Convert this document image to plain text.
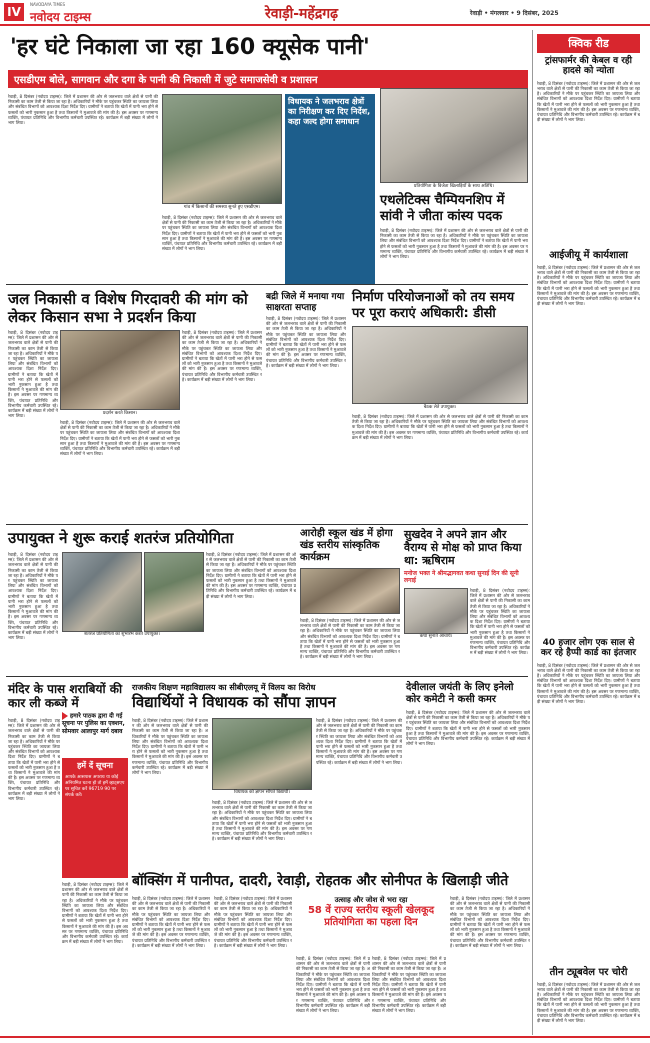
IV
NAVODAYA TIMES
नवोदय टाइम्स	रेवाड़ी-महेंद्रगढ़	रेवाड़ी • मंगलवार • 9 दिसंबर, 2025
'हर घंटे निकाला जा रहा 160 क्यूसेक पानी'
एसडीएम बोले, सागवान और दगा के पानी की निकासी में जुटे समाजसेवी व प्रशासन
रेवाड़ी, 8 दिसंबर (नवोदय टाइम्स): जिले में प्रशासन की ओर से जलभराव वाले क्षेत्रों से पानी की निकासी का काम तेजी से किया जा रहा है। अधिकारियों ने मौके पर पहुंचकर स्थिति का जायजा लिया और संबंधित विभागों को आवश्यक दिशा निर्देश दिए। ग्रामीणों ने बताया कि खेतों में पानी भरा होने से फसलों को भारी नुकसान हुआ है तथा किसानों ने मुआवजे की मांग की है। इस अवसर पर गणमान्य व्यक्ति, पंचायत प्रतिनिधि और विभागीय कर्मचारी उपस्थित रहे। कार्यक्रम में बड़ी संख्या में लोगों ने भाग लिया।
गांव में किसानों की समस्या सुनते हुए एसडीएम।
विधायक ने जलभराव क्षेत्रों का निरीक्षण कर दिए निर्देश, कहा जल्द होगा समाधान
रेवाड़ी, 8 दिसंबर (नवोदय टाइम्स): जिले में प्रशासन की ओर से जलभराव वाले क्षेत्रों से पानी की निकासी का काम तेजी से किया जा रहा है। अधिकारियों ने मौके पर पहुंचकर स्थिति का जायजा लिया और संबंधित विभागों को आवश्यक दिशा निर्देश दिए। ग्रामीणों ने बताया कि खेतों में पानी भरा होने से फसलों को भारी नुकसान हुआ है तथा किसानों ने मुआवजे की मांग की है। इस अवसर पर गणमान्य व्यक्ति, पंचायत प्रतिनिधि और विभागीय कर्मचारी उपस्थित रहे। कार्यक्रम में बड़ी संख्या में लोगों ने भाग लिया।
प्रतियोगिता के विजेता खिलाड़ियों के साथ अतिथि।
एथलेटिक्स चैम्पियनशिप में सांवी ने जीता कांस्य पदक
रेवाड़ी, 8 दिसंबर (नवोदय टाइम्स): जिले में प्रशासन की ओर से जलभराव वाले क्षेत्रों से पानी की निकासी का काम तेजी से किया जा रहा है। अधिकारियों ने मौके पर पहुंचकर स्थिति का जायजा लिया और संबंधित विभागों को आवश्यक दिशा निर्देश दिए। ग्रामीणों ने बताया कि खेतों में पानी भरा होने से फसलों को भारी नुकसान हुआ है तथा किसानों ने मुआवजे की मांग की है। इस अवसर पर गणमान्य व्यक्ति, पंचायत प्रतिनिधि और विभागीय कर्मचारी उपस्थित रहे। कार्यक्रम में बड़ी संख्या में लोगों ने भाग लिया।
क्विक रीड
ट्रांसफार्मर की केबल व रही हादसे को न्योता
रेवाड़ी, 8 दिसंबर (नवोदय टाइम्स): जिले में प्रशासन की ओर से जलभराव वाले क्षेत्रों से पानी की निकासी का काम तेजी से किया जा रहा है। अधिकारियों ने मौके पर पहुंचकर स्थिति का जायजा लिया और संबंधित विभागों को आवश्यक दिशा निर्देश दिए। ग्रामीणों ने बताया कि खेतों में पानी भरा होने से फसलों को भारी नुकसान हुआ है तथा किसानों ने मुआवजे की मांग की है। इस अवसर पर गणमान्य व्यक्ति, पंचायत प्रतिनिधि और विभागीय कर्मचारी उपस्थित रहे। कार्यक्रम में बड़ी संख्या में लोगों ने भाग लिया।
आईजीयू में कार्यशाला
रेवाड़ी, 8 दिसंबर (नवोदय टाइम्स): जिले में प्रशासन की ओर से जलभराव वाले क्षेत्रों से पानी की निकासी का काम तेजी से किया जा रहा है। अधिकारियों ने मौके पर पहुंचकर स्थिति का जायजा लिया और संबंधित विभागों को आवश्यक दिशा निर्देश दिए। ग्रामीणों ने बताया कि खेतों में पानी भरा होने से फसलों को भारी नुकसान हुआ है तथा किसानों ने मुआवजे की मांग की है। इस अवसर पर गणमान्य व्यक्ति, पंचायत प्रतिनिधि और विभागीय कर्मचारी उपस्थित रहे। कार्यक्रम में बड़ी संख्या में लोगों ने भाग लिया।
40 हजार लोग एक साल से कर रहे हैप्पी कार्ड का इंतजार
रेवाड़ी, 8 दिसंबर (नवोदय टाइम्स): जिले में प्रशासन की ओर से जलभराव वाले क्षेत्रों से पानी की निकासी का काम तेजी से किया जा रहा है। अधिकारियों ने मौके पर पहुंचकर स्थिति का जायजा लिया और संबंधित विभागों को आवश्यक दिशा निर्देश दिए। ग्रामीणों ने बताया कि खेतों में पानी भरा होने से फसलों को भारी नुकसान हुआ है तथा किसानों ने मुआवजे की मांग की है। इस अवसर पर गणमान्य व्यक्ति, पंचायत प्रतिनिधि और विभागीय कर्मचारी उपस्थित रहे। कार्यक्रम में बड़ी संख्या में लोगों ने भाग लिया।
तीन ट्यूबवेल पर चोरी
रेवाड़ी, 8 दिसंबर (नवोदय टाइम्स): जिले में प्रशासन की ओर से जलभराव वाले क्षेत्रों से पानी की निकासी का काम तेजी से किया जा रहा है। अधिकारियों ने मौके पर पहुंचकर स्थिति का जायजा लिया और संबंधित विभागों को आवश्यक दिशा निर्देश दिए। ग्रामीणों ने बताया कि खेतों में पानी भरा होने से फसलों को भारी नुकसान हुआ है तथा किसानों ने मुआवजे की मांग की है। इस अवसर पर गणमान्य व्यक्ति, पंचायत प्रतिनिधि और विभागीय कर्मचारी उपस्थित रहे। कार्यक्रम में बड़ी संख्या में लोगों ने भाग लिया।
जल निकासी व विशेष गिरदावरी की मांग को लेकर किसान सभा ने प्रदर्शन किया
प्रदर्शन करते किसान।
रेवाड़ी, 8 दिसंबर (नवोदय टाइम्स): जिले में प्रशासन की ओर से जलभराव वाले क्षेत्रों से पानी की निकासी का काम तेजी से किया जा रहा है। अधिकारियों ने मौके पर पहुंचकर स्थिति का जायजा लिया और संबंधित विभागों को आवश्यक दिशा निर्देश दिए। ग्रामीणों ने बताया कि खेतों में पानी भरा होने से फसलों को भारी नुकसान हुआ है तथा किसानों ने मुआवजे की मांग की है। इस अवसर पर गणमान्य व्यक्ति, पंचायत प्रतिनिधि और विभागीय कर्मचारी उपस्थित रहे। कार्यक्रम में बड़ी संख्या में लोगों ने भाग लिया।
रेवाड़ी, 8 दिसंबर (नवोदय टाइम्स): जिले में प्रशासन की ओर से जलभराव वाले क्षेत्रों से पानी की निकासी का काम तेजी से किया जा रहा है। अधिकारियों ने मौके पर पहुंचकर स्थिति का जायजा लिया और संबंधित विभागों को आवश्यक दिशा निर्देश दिए। ग्रामीणों ने बताया कि खेतों में पानी भरा होने से फसलों को भारी नुकसान हुआ है तथा किसानों ने मुआवजे की मांग की है। इस अवसर पर गणमान्य व्यक्ति, पंचायत प्रतिनिधि और विभागीय कर्मचारी उपस्थित रहे। कार्यक्रम में बड़ी संख्या में लोगों ने भाग लिया।
रेवाड़ी, 8 दिसंबर (नवोदय टाइम्स): जिले में प्रशासन की ओर से जलभराव वाले क्षेत्रों से पानी की निकासी का काम तेजी से किया जा रहा है। अधिकारियों ने मौके पर पहुंचकर स्थिति का जायजा लिया और संबंधित विभागों को आवश्यक दिशा निर्देश दिए। ग्रामीणों ने बताया कि खेतों में पानी भरा होने से फसलों को भारी नुकसान हुआ है तथा किसानों ने मुआवजे की मांग की है। इस अवसर पर गणमान्य व्यक्ति, पंचायत प्रतिनिधि और विभागीय कर्मचारी उपस्थित रहे। कार्यक्रम में बड़ी संख्या में लोगों ने भाग लिया।
बद्री जिले में मनाया गया साक्षरता सप्ताह
रेवाड़ी, 8 दिसंबर (नवोदय टाइम्स): जिले में प्रशासन की ओर से जलभराव वाले क्षेत्रों से पानी की निकासी का काम तेजी से किया जा रहा है। अधिकारियों ने मौके पर पहुंचकर स्थिति का जायजा लिया और संबंधित विभागों को आवश्यक दिशा निर्देश दिए। ग्रामीणों ने बताया कि खेतों में पानी भरा होने से फसलों को भारी नुकसान हुआ है तथा किसानों ने मुआवजे की मांग की है। इस अवसर पर गणमान्य व्यक्ति, पंचायत प्रतिनिधि और विभागीय कर्मचारी उपस्थित रहे। कार्यक्रम में बड़ी संख्या में लोगों ने भाग लिया।
निर्माण परियोजनाओं को तय समय पर पूरा कराएं अधिकारी: डीसी
बैठक लेते उपायुक्त।
रेवाड़ी, 8 दिसंबर (नवोदय टाइम्स): जिले में प्रशासन की ओर से जलभराव वाले क्षेत्रों से पानी की निकासी का काम तेजी से किया जा रहा है। अधिकारियों ने मौके पर पहुंचकर स्थिति का जायजा लिया और संबंधित विभागों को आवश्यक दिशा निर्देश दिए। ग्रामीणों ने बताया कि खेतों में पानी भरा होने से फसलों को भारी नुकसान हुआ है तथा किसानों ने मुआवजे की मांग की है। इस अवसर पर गणमान्य व्यक्ति, पंचायत प्रतिनिधि और विभागीय कर्मचारी उपस्थित रहे। कार्यक्रम में बड़ी संख्या में लोगों ने भाग लिया।
उपायुक्त ने शुरू कराई शतरंज प्रतियोगिता
रेवाड़ी, 8 दिसंबर (नवोदय टाइम्स): जिले में प्रशासन की ओर से जलभराव वाले क्षेत्रों से पानी की निकासी का काम तेजी से किया जा रहा है। अधिकारियों ने मौके पर पहुंचकर स्थिति का जायजा लिया और संबंधित विभागों को आवश्यक दिशा निर्देश दिए। ग्रामीणों ने बताया कि खेतों में पानी भरा होने से फसलों को भारी नुकसान हुआ है तथा किसानों ने मुआवजे की मांग की है। इस अवसर पर गणमान्य व्यक्ति, पंचायत प्रतिनिधि और विभागीय कर्मचारी उपस्थित रहे। कार्यक्रम में बड़ी संख्या में लोगों ने भाग लिया।
शतरंज प्रतियोगिता का शुभारंभ करते उपायुक्त।
रेवाड़ी, 8 दिसंबर (नवोदय टाइम्स): जिले में प्रशासन की ओर से जलभराव वाले क्षेत्रों से पानी की निकासी का काम तेजी से किया जा रहा है। अधिकारियों ने मौके पर पहुंचकर स्थिति का जायजा लिया और संबंधित विभागों को आवश्यक दिशा निर्देश दिए। ग्रामीणों ने बताया कि खेतों में पानी भरा होने से फसलों को भारी नुकसान हुआ है तथा किसानों ने मुआवजे की मांग की है। इस अवसर पर गणमान्य व्यक्ति, पंचायत प्रतिनिधि और विभागीय कर्मचारी उपस्थित रहे। कार्यक्रम में बड़ी संख्या में लोगों ने भाग लिया।
आरोही स्कूल खंड में होगा खंड स्तरीय सांस्कृतिक कार्यक्रम
रेवाड़ी, 8 दिसंबर (नवोदय टाइम्स): जिले में प्रशासन की ओर से जलभराव वाले क्षेत्रों से पानी की निकासी का काम तेजी से किया जा रहा है। अधिकारियों ने मौके पर पहुंचकर स्थिति का जायजा लिया और संबंधित विभागों को आवश्यक दिशा निर्देश दिए। ग्रामीणों ने बताया कि खेतों में पानी भरा होने से फसलों को भारी नुकसान हुआ है तथा किसानों ने मुआवजे की मांग की है। इस अवसर पर गणमान्य व्यक्ति, पंचायत प्रतिनिधि और विभागीय कर्मचारी उपस्थित रहे। कार्यक्रम में बड़ी संख्या में लोगों ने भाग लिया।
सुखदेव ने अपने ज्ञान और वैराग्य से मोक्ष को प्राप्त किया था: ऋषिराम
मनोज भक्त ने श्रीमद्भागवत कथा सुनाई दिन की सूनी लगाई
कथा सुनाते आचार्य।
रेवाड़ी, 8 दिसंबर (नवोदय टाइम्स): जिले में प्रशासन की ओर से जलभराव वाले क्षेत्रों से पानी की निकासी का काम तेजी से किया जा रहा है। अधिकारियों ने मौके पर पहुंचकर स्थिति का जायजा लिया और संबंधित विभागों को आवश्यक दिशा निर्देश दिए। ग्रामीणों ने बताया कि खेतों में पानी भरा होने से फसलों को भारी नुकसान हुआ है तथा किसानों ने मुआवजे की मांग की है। इस अवसर पर गणमान्य व्यक्ति, पंचायत प्रतिनिधि और विभागीय कर्मचारी उपस्थित रहे। कार्यक्रम में बड़ी संख्या में लोगों ने भाग लिया।
मंदिर के पास शराबियों की कार ली कब्जे में
हमारे पाठक द्वारा दी गई सूचना पर पुलिस का एक्शन, सोमवार आलापुर मार्ग दबाव
रेवाड़ी, 8 दिसंबर (नवोदय टाइम्स): जिले में प्रशासन की ओर से जलभराव वाले क्षेत्रों से पानी की निकासी का काम तेजी से किया जा रहा है। अधिकारियों ने मौके पर पहुंचकर स्थिति का जायजा लिया और संबंधित विभागों को आवश्यक दिशा निर्देश दिए। ग्रामीणों ने बताया कि खेतों में पानी भरा होने से फसलों को भारी नुकसान हुआ है तथा किसानों ने मुआवजे की मांग की है। इस अवसर पर गणमान्य व्यक्ति, पंचायत प्रतिनिधि और विभागीय कर्मचारी उपस्थित रहे। कार्यक्रम में बड़ी संख्या में लोगों ने भाग लिया।
हमें दें सूचना
आपके आसपास अपराध या कोई अनियमित घटना हो तो हमें व्हाट्सएप पर सूचित करें 96719 90 पर संपर्क करें।
रेवाड़ी, 8 दिसंबर (नवोदय टाइम्स): जिले में प्रशासन की ओर से जलभराव वाले क्षेत्रों से पानी की निकासी का काम तेजी से किया जा रहा है। अधिकारियों ने मौके पर पहुंचकर स्थिति का जायजा लिया और संबंधित विभागों को आवश्यक दिशा निर्देश दिए। ग्रामीणों ने बताया कि खेतों में पानी भरा होने से फसलों को भारी नुकसान हुआ है तथा किसानों ने मुआवजे की मांग की है। इस अवसर पर गणमान्य व्यक्ति, पंचायत प्रतिनिधि और विभागीय कर्मचारी उपस्थित रहे। कार्यक्रम में बड़ी संख्या में लोगों ने भाग लिया।
राजकीय शिक्षण महाविद्यालय का सीबीएलयू में विलय का विरोध
विद्यार्थियों ने विधायक को सौंपा ज्ञापन
रेवाड़ी, 8 दिसंबर (नवोदय टाइम्स): जिले में प्रशासन की ओर से जलभराव वाले क्षेत्रों से पानी की निकासी का काम तेजी से किया जा रहा है। अधिकारियों ने मौके पर पहुंचकर स्थिति का जायजा लिया और संबंधित विभागों को आवश्यक दिशा निर्देश दिए। ग्रामीणों ने बताया कि खेतों में पानी भरा होने से फसलों को भारी नुकसान हुआ है तथा किसानों ने मुआवजे की मांग की है। इस अवसर पर गणमान्य व्यक्ति, पंचायत प्रतिनिधि और विभागीय कर्मचारी उपस्थित रहे। कार्यक्रम में बड़ी संख्या में लोगों ने भाग लिया।
विधायक को ज्ञापन सौंपते विद्यार्थी।
रेवाड़ी, 8 दिसंबर (नवोदय टाइम्स): जिले में प्रशासन की ओर से जलभराव वाले क्षेत्रों से पानी की निकासी का काम तेजी से किया जा रहा है। अधिकारियों ने मौके पर पहुंचकर स्थिति का जायजा लिया और संबंधित विभागों को आवश्यक दिशा निर्देश दिए। ग्रामीणों ने बताया कि खेतों में पानी भरा होने से फसलों को भारी नुकसान हुआ है तथा किसानों ने मुआवजे की मांग की है। इस अवसर पर गणमान्य व्यक्ति, पंचायत प्रतिनिधि और विभागीय कर्मचारी उपस्थित रहे। कार्यक्रम में बड़ी संख्या में लोगों ने भाग लिया।
रेवाड़ी, 8 दिसंबर (नवोदय टाइम्स): जिले में प्रशासन की ओर से जलभराव वाले क्षेत्रों से पानी की निकासी का काम तेजी से किया जा रहा है। अधिकारियों ने मौके पर पहुंचकर स्थिति का जायजा लिया और संबंधित विभागों को आवश्यक दिशा निर्देश दिए। ग्रामीणों ने बताया कि खेतों में पानी भरा होने से फसलों को भारी नुकसान हुआ है तथा किसानों ने मुआवजे की मांग की है। इस अवसर पर गणमान्य व्यक्ति, पंचायत प्रतिनिधि और विभागीय कर्मचारी उपस्थित रहे। कार्यक्रम में बड़ी संख्या में लोगों ने भाग लिया।
देवीलाल जयंती के लिए इनेलो कोर कमेटी ने कसी कमर
रेवाड़ी, 8 दिसंबर (नवोदय टाइम्स): जिले में प्रशासन की ओर से जलभराव वाले क्षेत्रों से पानी की निकासी का काम तेजी से किया जा रहा है। अधिकारियों ने मौके पर पहुंचकर स्थिति का जायजा लिया और संबंधित विभागों को आवश्यक दिशा निर्देश दिए। ग्रामीणों ने बताया कि खेतों में पानी भरा होने से फसलों को भारी नुकसान हुआ है तथा किसानों ने मुआवजे की मांग की है। इस अवसर पर गणमान्य व्यक्ति, पंचायत प्रतिनिधि और विभागीय कर्मचारी उपस्थित रहे। कार्यक्रम में बड़ी संख्या में लोगों ने भाग लिया।
बॉक्सिंग में पानीपत, दादरी, रेवाड़ी, रोहतक और सोनीपत के खिलाड़ी जीते
रेवाड़ी, 8 दिसंबर (नवोदय टाइम्स): जिले में प्रशासन की ओर से जलभराव वाले क्षेत्रों से पानी की निकासी का काम तेजी से किया जा रहा है। अधिकारियों ने मौके पर पहुंचकर स्थिति का जायजा लिया और संबंधित विभागों को आवश्यक दिशा निर्देश दिए। ग्रामीणों ने बताया कि खेतों में पानी भरा होने से फसलों को भारी नुकसान हुआ है तथा किसानों ने मुआवजे की मांग की है। इस अवसर पर गणमान्य व्यक्ति, पंचायत प्रतिनिधि और विभागीय कर्मचारी उपस्थित रहे। कार्यक्रम में बड़ी संख्या में लोगों ने भाग लिया।
रेवाड़ी, 8 दिसंबर (नवोदय टाइम्स): जिले में प्रशासन की ओर से जलभराव वाले क्षेत्रों से पानी की निकासी का काम तेजी से किया जा रहा है। अधिकारियों ने मौके पर पहुंचकर स्थिति का जायजा लिया और संबंधित विभागों को आवश्यक दिशा निर्देश दिए। ग्रामीणों ने बताया कि खेतों में पानी भरा होने से फसलों को भारी नुकसान हुआ है तथा किसानों ने मुआवजे की मांग की है। इस अवसर पर गणमान्य व्यक्ति, पंचायत प्रतिनिधि और विभागीय कर्मचारी उपस्थित रहे। कार्यक्रम में बड़ी संख्या में लोगों ने भाग लिया।
उत्साह और जोश से भरा रहा
58 वें राज्य स्तरीय स्कूली खेलकूद प्रतियोगिता का पहला दिन
रेवाड़ी, 8 दिसंबर (नवोदय टाइम्स): जिले में प्रशासन की ओर से जलभराव वाले क्षेत्रों से पानी की निकासी का काम तेजी से किया जा रहा है। अधिकारियों ने मौके पर पहुंचकर स्थिति का जायजा लिया और संबंधित विभागों को आवश्यक दिशा निर्देश दिए। ग्रामीणों ने बताया कि खेतों में पानी भरा होने से फसलों को भारी नुकसान हुआ है तथा किसानों ने मुआवजे की मांग की है। इस अवसर पर गणमान्य व्यक्ति, पंचायत प्रतिनिधि और विभागीय कर्मचारी उपस्थित रहे। कार्यक्रम में बड़ी संख्या में लोगों ने भाग लिया।
रेवाड़ी, 8 दिसंबर (नवोदय टाइम्स): जिले में प्रशासन की ओर से जलभराव वाले क्षेत्रों से पानी की निकासी का काम तेजी से किया जा रहा है। अधिकारियों ने मौके पर पहुंचकर स्थिति का जायजा लिया और संबंधित विभागों को आवश्यक दिशा निर्देश दिए। ग्रामीणों ने बताया कि खेतों में पानी भरा होने से फसलों को भारी नुकसान हुआ है तथा किसानों ने मुआवजे की मांग की है। इस अवसर पर गणमान्य व्यक्ति, पंचायत प्रतिनिधि और विभागीय कर्मचारी उपस्थित रहे। कार्यक्रम में बड़ी संख्या में लोगों ने भाग लिया।
रेवाड़ी, 8 दिसंबर (नवोदय टाइम्स): जिले में प्रशासन की ओर से जलभराव वाले क्षेत्रों से पानी की निकासी का काम तेजी से किया जा रहा है। अधिकारियों ने मौके पर पहुंचकर स्थिति का जायजा लिया और संबंधित विभागों को आवश्यक दिशा निर्देश दिए। ग्रामीणों ने बताया कि खेतों में पानी भरा होने से फसलों को भारी नुकसान हुआ है तथा किसानों ने मुआवजे की मांग की है। इस अवसर पर गणमान्य व्यक्ति, पंचायत प्रतिनिधि और विभागीय कर्मचारी उपस्थित रहे। कार्यक्रम में बड़ी संख्या में लोगों ने भाग लिया।
